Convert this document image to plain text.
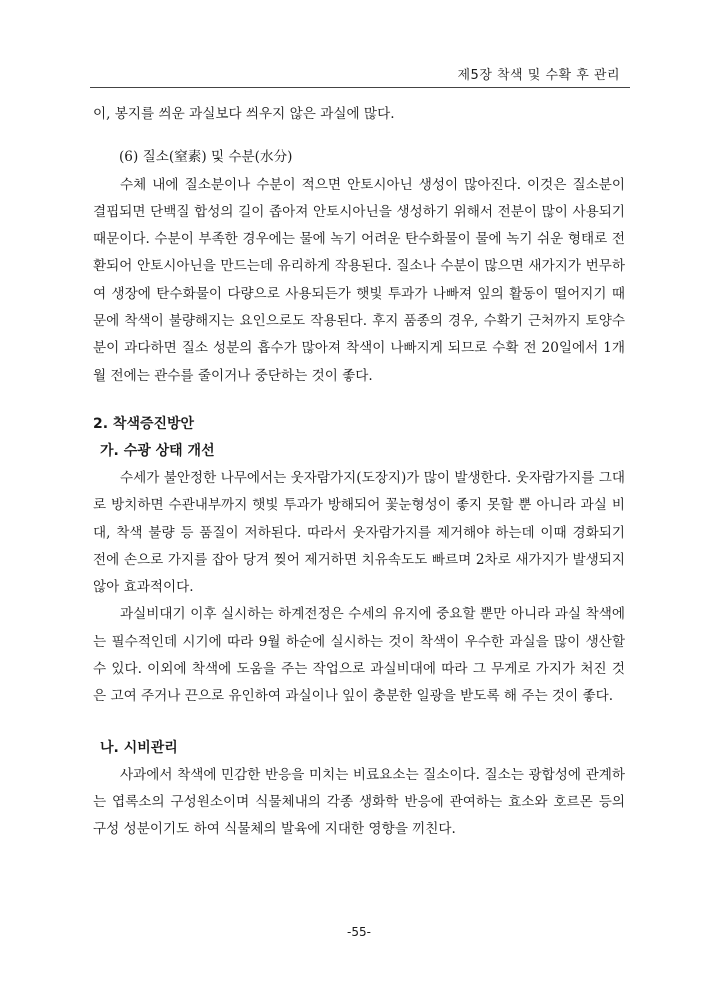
제5장 착색 및 수확 후 관리

이, 봉지를 씌운 과실보다 씌우지 않은 과실에 많다.

(6) 질소(窒素) 및 수분(水分)

수체 내에 질소분이나 수분이 적으면 안토시아닌 생성이 많아진다. 이것은 질소분이 결핍되면 단백질 합성의 길이 좁아져 안토시아닌을 생성하기 위해서 전분이 많이 사용되기 때문이다. 수분이 부족한 경우에는 물에 녹기 어려운 탄수화물이 물에 녹기 쉬운 형태로 전환되어 안토시아닌을 만드는데 유리하게 작용된다. 질소나 수분이 많으면 새가지가 번무하여 생장에 탄수화물이 다량으로 사용되든가 햇빛 투과가 나빠져 잎의 활동이 떨어지기 때문에 착색이 불량해지는 요인으로도 작용된다. 후지 품종의 경우, 수확기 근처까지 토양수분이 과다하면 질소 성분의 흡수가 많아져 착색이 나빠지게 되므로 수확 전 20일에서 1개월 전에는 관수를 줄이거나 중단하는 것이 좋다.

2. 착색증진방안
가. 수광 상태 개선

수세가 불안정한 나무에서는 웃자람가지(도장지)가 많이 발생한다. 웃자람가지를 그대로 방치하면 수관내부까지 햇빛 투과가 방해되어 꽃눈형성이 좋지 못할 뿐 아니라 과실 비대, 착색 불량 등 품질이 저하된다. 따라서 웃자람가지를 제거해야 하는데 이때 경화되기 전에 손으로 가지를 잡아 당겨 찢어 제거하면 치유속도도 빠르며 2차로 새가지가 발생되지 않아 효과적이다.

과실비대기 이후 실시하는 하계전정은 수세의 유지에 중요할 뿐만 아니라 과실 착색에는 필수적인데 시기에 따라 9월 하순에 실시하는 것이 착색이 우수한 과실을 많이 생산할 수 있다. 이외에 착색에 도움을 주는 작업으로 과실비대에 따라 그 무게로 가지가 처진 것은 고여 주거나 끈으로 유인하여 과실이나 잎이 충분한 일광을 받도록 해 주는 것이 좋다.

나. 시비관리

사과에서 착색에 민감한 반응을 미치는 비료요소는 질소이다. 질소는 광합성에 관계하는 엽록소의 구성원소이며 식물체내의 각종 생화학 반응에 관여하는 효소와 호르몬 등의 구성 성분이기도 하여 식물체의 발육에 지대한 영향을 끼친다.

-55-
